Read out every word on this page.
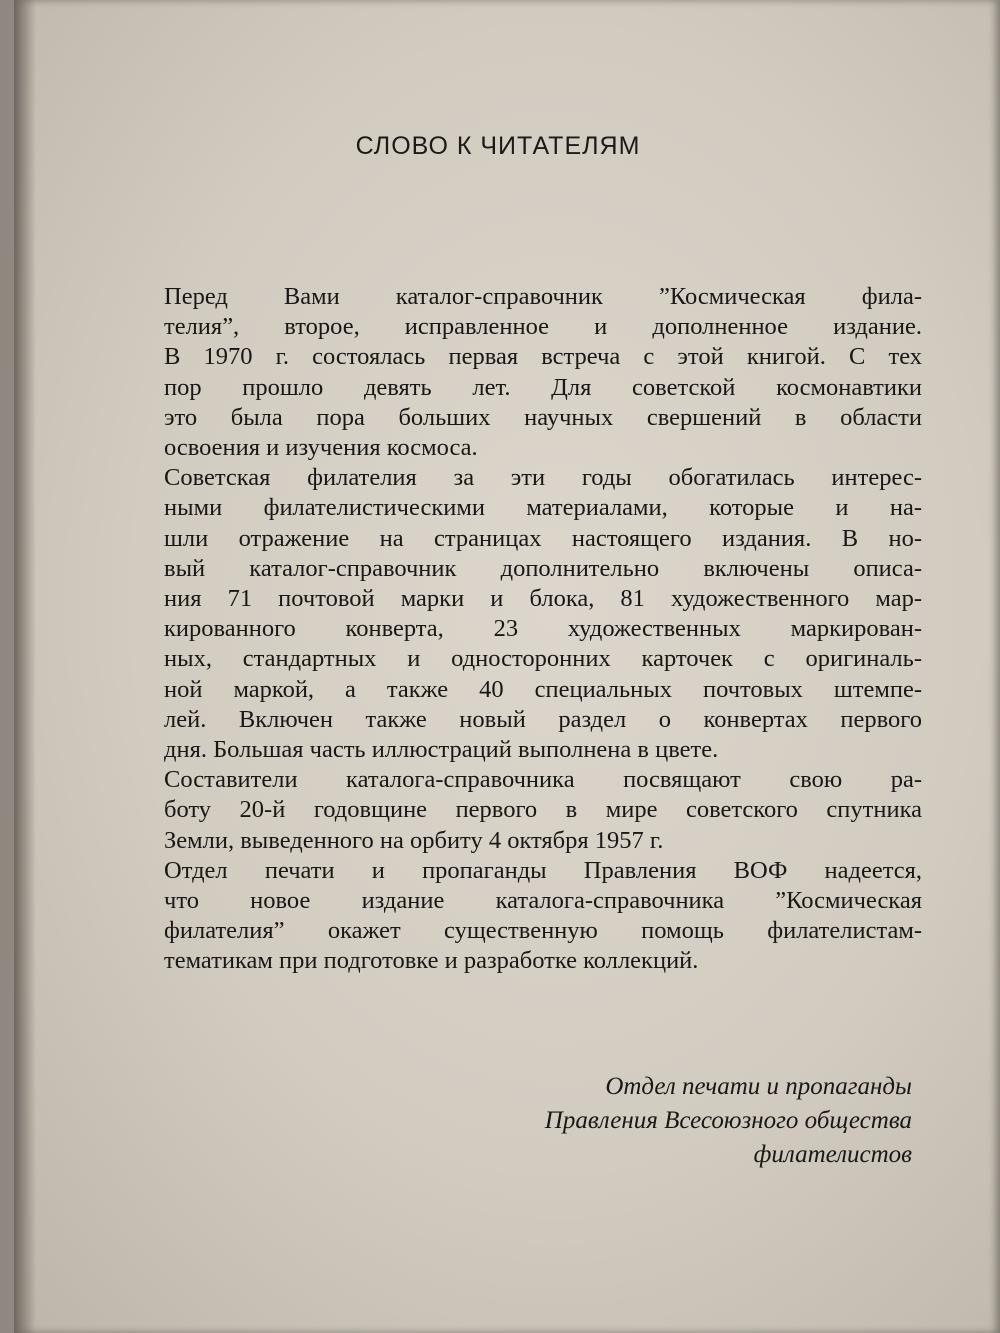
СЛОВО К ЧИТАТЕЛЯМ

Перед Вами каталог-справочник ”Космическая фила-
телия”, второе, исправленное и дополненное издание.
В 1970 г. состоялась первая встреча с этой книгой. С тех
пор прошло девять лет. Для советской космонавтики
это была пора больших научных свершений в области
освоения и изучения космоса.

Советская филателия за эти годы обогатилась интерес-
ными филателистическими материалами, которые и на-
шли отражение на страницах настоящего издания. В но-
вый каталог-справочник дополнительно включены описа-
ния 71 почтовой марки и блока, 81 художественного мар-
кированного конверта, 23 художественных маркирован-
ных, стандартных и односторонних карточек с оригиналь-
ной маркой, а также 40 специальных почтовых штемпе-
лей. Включен также новый раздел о конвертах первого
дня. Большая часть иллюстраций выполнена в цвете.

Составители каталога-справочника посвящают свою ра-
боту 20-й годовщине первого в мире советского спутника
Земли, выведенного на орбиту 4 октября 1957 г.

Отдел печати и пропаганды Правления ВОФ надеется,
что новое издание каталога-справочника ”Космическая
филателия” окажет существенную помощь филателистам-
тематикам при подготовке и разработке коллекций.

Отдел печати и пропаганды
Правления Всесоюзного общества
филателистов
